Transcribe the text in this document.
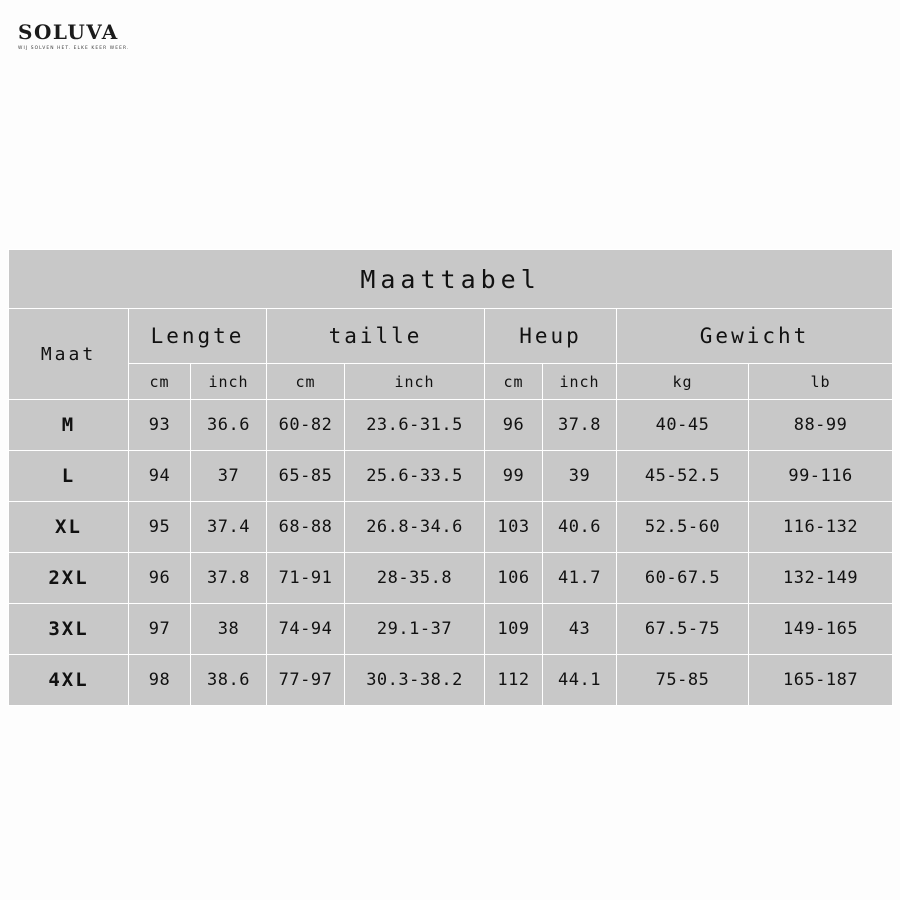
SOLUVA
WIJ SOLVEN HET. ELKE KEER WEER.
Maattabel								
Maat	Lengte		taille		Heup		Gewicht	
	cm	inch	cm	inch	cm	inch	kg	lb
M	93	36.6	60-82	23.6-31.5	96	37.8	40-45	88-99
L	94	37	65-85	25.6-33.5	99	39	45-52.5	99-116
XL	95	37.4	68-88	26.8-34.6	103	40.6	52.5-60	116-132
2XL	96	37.8	71-91	28-35.8	106	41.7	60-67.5	132-149
3XL	97	38	74-94	29.1-37	109	43	67.5-75	149-165
4XL	98	38.6	77-97	30.3-38.2	112	44.1	75-85	165-187
